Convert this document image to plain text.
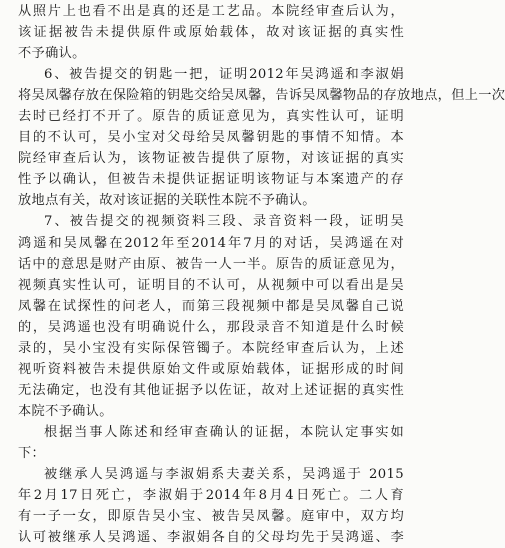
从照片上也看不出是真的还是工艺品。本院经审查后认为，
该证据被告未提供原件或原始载体，故对该证据的真实性
不予确认。
6、被告提交的钥匙一把，证明2012年吴鸿遥和李淑娟
将吴凤馨存放在保险箱的钥匙交给吴凤馨，告诉吴凤馨物品的存放地点，但上一次
去时已经打不开了。原告的质证意见为，真实性认可，证明
目的不认可，吴小宝对父母给吴凤馨钥匙的事情不知情。本
院经审查后认为，该物证被告提供了原物，对该证据的真实
性予以确认，但被告未提供证据证明该物证与本案遗产的存
放地点有关，故对该证据的关联性本院不予确认。
7、被告提交的视频资料三段、录音资料一段，证明吴
鸿遥和吴凤馨在2012年至2014年7月的对话，吴鸿遥在对
话中的意思是财产由原、被告一人一半。原告的质证意见为，
视频真实性认可，证明目的不认可，从视频中可以看出是吴
凤馨在试探性的问老人，而第三段视频中都是吴凤馨自己说
的，吴鸿遥也没有明确说什么，那段录音不知道是什么时候
录的，吴小宝没有实际保管镯子。本院经审查后认为，上述
视听资料被告未提供原始文件或原始载体，证据形成的时间
无法确定，也没有其他证据予以佐证，故对上述证据的真实性
本院不予确认。
根据当事人陈述和经审查确认的证据，本院认定事实如
下：
被继承人吴鸿遥与李淑娟系夫妻关系，吴鸿遥于 2015
年2月17日死亡，李淑娟于2014年8月4日死亡。二人育
有一子一女，即原告吴小宝、被告吴凤馨。庭审中，双方均
认可被继承人吴鸿遥、李淑娟各自的父母均先于吴鸿遥、李
